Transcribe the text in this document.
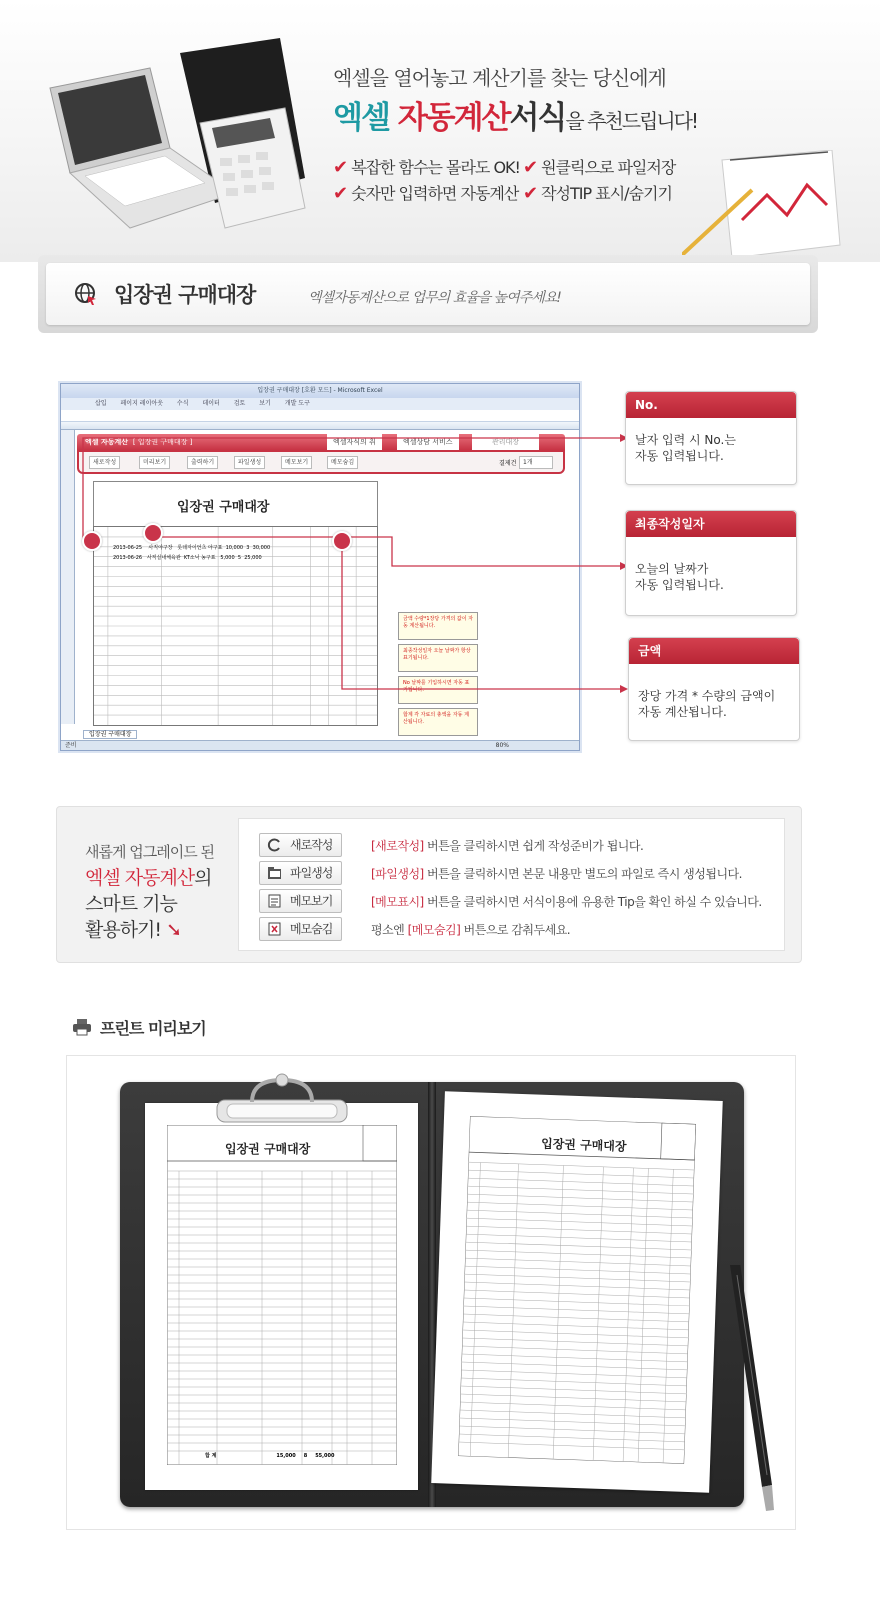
엑셀을 열어놓고 계산기를 찾는 당신에게
엑셀 자동계산서식을 추천드립니다!
✔ 복잡한 함수는 몰라도 OK! ✔ 원클릭으로 파일저장
✔ 숫자만 입력하면 자동계산 ✔ 작성TIP 표시/숨기기
입장권 구매대장	엑셀자동계산으로 업무의 효율을 높여주세요!
입장권 구매대장 [호환 모드] - Microsoft Excel
삽입 페이지 레이아웃 수식 데이터 검토 보기 개발 도구
엑셀 자동계산 [ 입장권 구매대장 ]	엑셀자식의 취	엑셀상담 서비스	관리대장
새로작성	미리보기	출력하기	파일생성	메모보기	메모숨김	결제건	1개
입장권 구매대장
2013-06-25 사직야구장 롯데자이언츠 야구표 10,000 3 30,000
2013-06-26 사직실내체육관 KT소닉 농구표 5,000 5 25,000
입장권 구매대장
준비	80%
금액 수량*1장당 가격의 값이 자동 계산됩니다.
최종작성일자 오늘 날짜가 항상 표기됩니다.
No 날짜를 기입하시면 자동 표기됩니다.
합계 각 자료의 총액을 자동 계산됩니다.
No.
날자 입력 시 No.는
자동 입력됩니다.
최종작성일자
오늘의 날짜가
자동 입력됩니다.
금액
장당 가격 * 수량의 금액이
자동 계산됩니다.
새롭게 업그레이드 된
엑셀 자동계산의
스마트 기능
활용하기! ➘
새로작성	[새로작성] 버튼을 클릭하시면 쉽게 작성준비가 됩니다.
파일생성	[파일생성] 버튼을 클릭하시면 본문 내용만 별도의 파일로 즉시 생성됩니다.
메모보기	[메모표시] 버튼을 클릭하시면 서식이용에 유용한 Tip을 확인 하실 수 있습니다.
메모숨김	평소엔 [메모숨김] 버튼으로 감춰두세요.
프린트 미리보기
입장권 구매대장
합 계	15,000 8 55,000
입장권 구매대장
